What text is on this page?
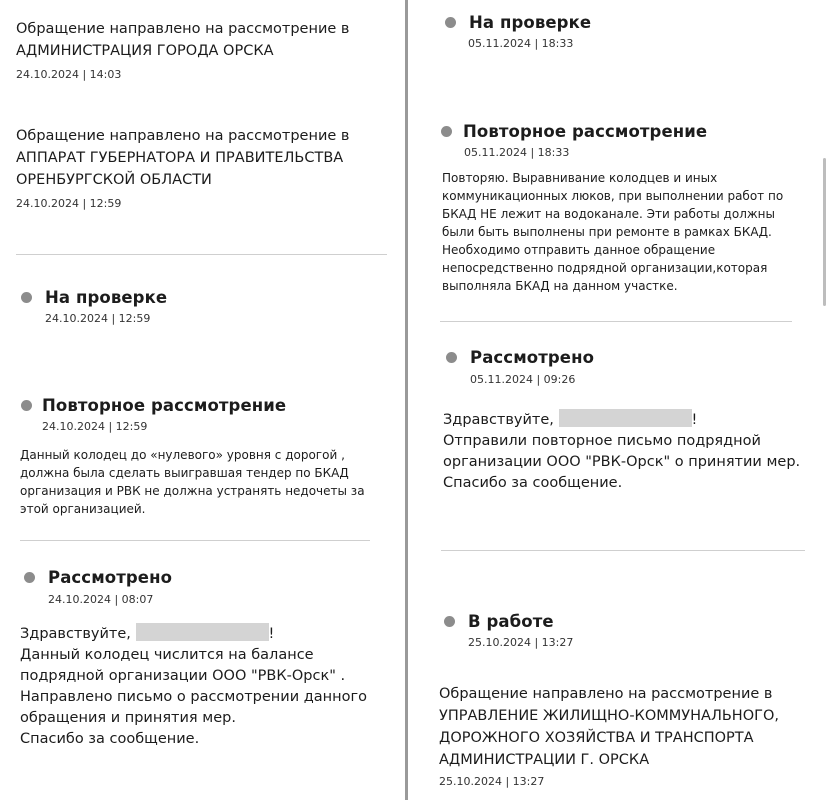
Обращение направлено на рассмотрение в

АДМИНИСТРАЦИЯ ГОРОДА ОРСКА

24.10.2024 | 14:03

Обращение направлено на рассмотрение в

АППАРАТ ГУБЕРНАТОРА И ПРАВИТЕЛЬСТВА

ОРЕНБУРГСКОЙ ОБЛАСТИ

24.10.2024 | 12:59
На проверке
24.10.2024 | 12:59
Повторное рассмотрение
24.10.2024 | 12:59

Данный колодец до «нулевого» уровня с дорогой ,

должна была сделать выигравшая тендер по БКАД

организация и РВК не должна устранять недочеты за

этой организацией.

Рассмотрено
24.10.2024 | 08:07

Здравствуйте,	!

Данный колодец числится на балансе

подрядной организации ООО "РВК-Орск" .

Направлено письмо о рассмотрении данного

обращения и принятия мер.

Спасибо за сообщение.

На проверке
05.11.2024 | 18:33
Повторное рассмотрение
05.11.2024 | 18:33

Повторяю. Выравнивание колодцев и иных

коммуникационных люков, при выполнении работ по

БКАД НЕ лежит на водоканале. Эти работы должны

были быть выполнены при ремонте в рамках БКАД.

Необходимо отправить данное обращение

непосредственно подрядной организации,которая

выполняла БКАД на данном участке.

Рассмотрено
05.11.2024 | 09:26

Здравствуйте,	!

Отправили повторное письмо подрядной

организации ООО "РВК-Орск" о принятии мер.

Спасибо за сообщение.

В работе
25.10.2024 | 13:27

Обращение направлено на рассмотрение в

УПРАВЛЕНИЕ ЖИЛИЩНО-КОММУНАЛЬНОГО,

ДОРОЖНОГО ХОЗЯЙСТВА И ТРАНСПОРТА

АДМИНИСТРАЦИИ Г. ОРСКА

25.10.2024 | 13:27
